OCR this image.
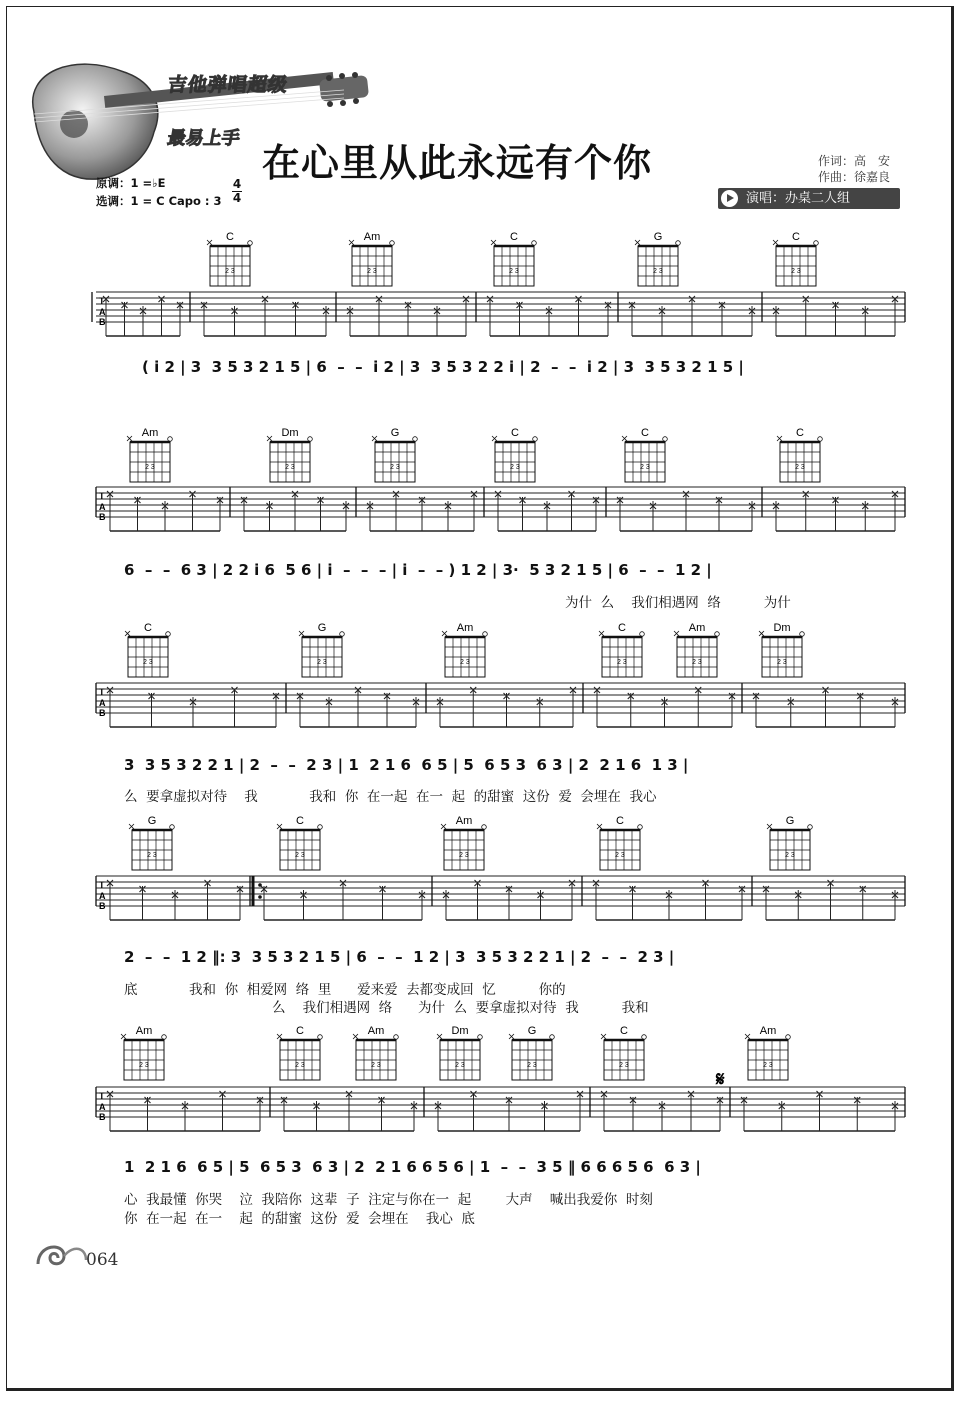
吉他弹唱超级
最易上手
在心里从此永远有个你	作词：高　安
作曲：徐嘉良
演唱：办桌二人组
原调：1 =♭E
选调：1 = C Capo : 3
4
4
T
A
B
C
2 3
Am
2 3
C
2 3
G
2 3
C
2 3
T
A
B
Am
2 3
Dm
2 3
G
2 3
C
2 3
C
2 3
C
2 3
T
A
B
C
2 3
G
2 3
Am
2 3
C
2 3
Am
2 3
Dm
2 3
T
A
B
G
2 3
C
2 3
Am
2 3
C
2 3
G
2 3
T
A
B
Am
2 3
C
2 3
Am
2 3
Dm
2 3
G
2 3
C
2 3
Am
2 3
𝄋
( i 2 | 3  3 5 3 2 1 5 | 6  –  –  i 2 | 3  3 5 3 2 2 i | 2  –  –  i 2 | 3  3 5 3 2 1 5 |
6  –  –  6 3 | 2 2 i 6  5 6 | i  –  –  – | i  –  – ) 1 2 | 3·  5 3 2 1 5 | 6  –  –  1 2 |
为什  么    我们相遇网  络          为什
3  3 5 3 2 2 1 | 2  –  –  2 3 | 1  2 1 6  6 5 | 5  6 5 3  6 3 | 2  2 1 6  1 3 |
么  要拿虚拟对待    我            我和  你  在一起  在一  起  的甜蜜  这份  爱  会埋在  我心
2  –  –  1 2 ‖: 3  3 5 3 2 1 5 | 6  –  –  1 2 | 3  3 5 3 2 2 1 | 2  –  –  2 3 |
底            我和  你  相爱网  络  里      爱来爱  去都变成回  忆          你的
么    我们相遇网  络      为什  么  要拿虚拟对待  我          我和
1  2 1 6  6 5 | 5  6 5 3  6 3 | 2  2 1 6 6 5 6 | 1  –  –  3 5 ‖ 6 6 6 5 6  6 3 |
心  我最懂  你哭    泣  我陪你  这辈  子  注定与你在一  起        大声    喊出我爱你  时刻
你  在一起  在一    起  的甜蜜  这份  爱  会埋在    我心  底
064
